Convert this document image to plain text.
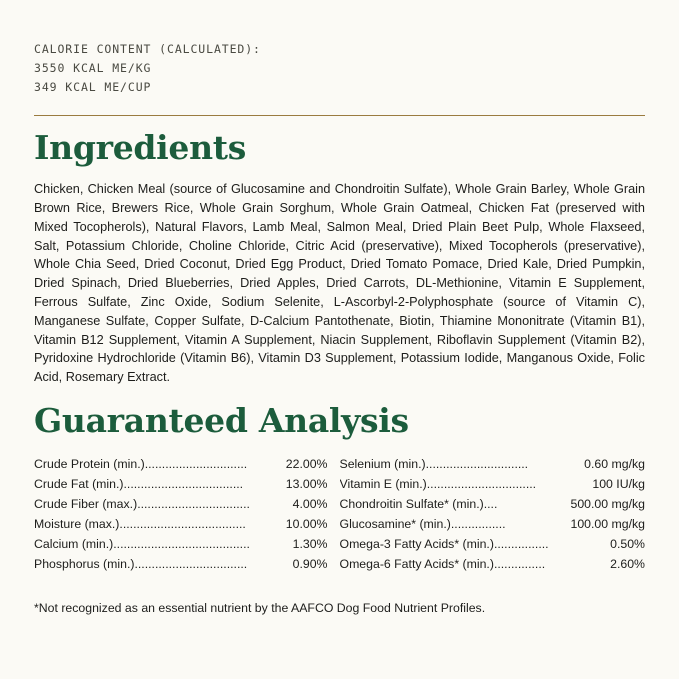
CALORIE CONTENT (CALCULATED):
3550 KCAL ME/KG
349 KCAL ME/CUP
Ingredients

Chicken, Chicken Meal (source of Glucosamine and Chondroitin Sulfate), Whole Grain Barley, Whole Grain Brown Rice, Brewers Rice, Whole Grain Sorghum, Whole Grain Oatmeal, Chicken Fat (preserved with Mixed Tocopherols), Natural Flavors, Lamb Meal, Salmon Meal, Dried Plain Beet Pulp, Whole Flaxseed, Salt, Potassium Chloride, Choline Chloride, Citric Acid (preservative), Mixed Tocopherols (preservative), Whole Chia Seed, Dried Coconut, Dried Egg Product, Dried Tomato Pomace, Dried Kale, Dried Pumpkin, Dried Spinach, Dried Blueberries, Dried Apples, Dried Carrots, DL-Methionine, Vitamin E Supplement, Ferrous Sulfate, Zinc Oxide, Sodium Selenite, L-Ascorbyl-2-Polyphosphate (source of Vitamin C), Manganese Sulfate, Copper Sulfate, D-Calcium Pantothenate, Biotin, Thiamine Mononitrate (Vitamin B1), Vitamin B12 Supplement, Vitamin A Supplement, Niacin Supplement, Riboflavin Supplement (Vitamin B2), Pyridoxine Hydrochloride (Vitamin B6), Vitamin D3 Supplement, Potassium Iodide, Manganous Oxide, Folic Acid, Rosemary Extract.

Guaranteed Analysis
Crude Protein (min.) ..............................	22.00%
Crude Fat (min.) ...................................	13.00%
Crude Fiber (max.) .................................	4.00%
Moisture (max.) .....................................	10.00%
Calcium (min.) ........................................	1.30%
Phosphorus (min.) .................................	0.90%
Selenium (min.) ..............................	0.60 mg/kg
Vitamin E (min.) ................................	100 IU/kg
Chondroitin Sulfate* (min.) ....	500.00 mg/kg
Glucosamine* (min.) ................	100.00 mg/kg
Omega-3 Fatty Acids* (min.) ................	0.50%
Omega-6 Fatty Acids* (min.) ...............	2.60%
*Not recognized as an essential nutrient by the AAFCO Dog Food Nutrient Profiles.
